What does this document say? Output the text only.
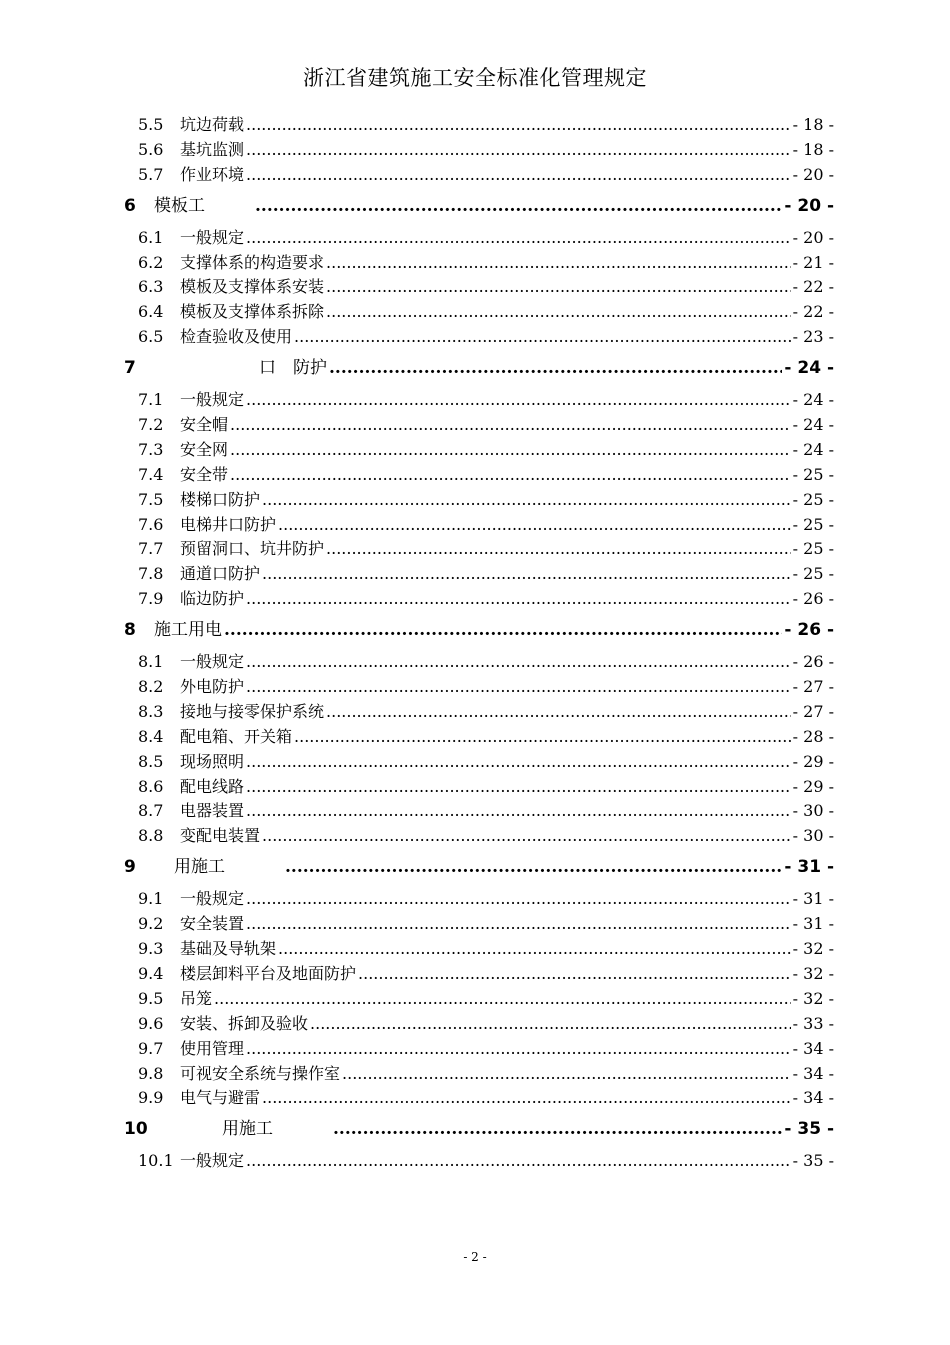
浙江省建筑施工安全标准化管理规定
5.5	坑边荷载 .....	- 18 -
5.6	基坑监测 .....	- 18 -
5.7	作业环境 .....	- 20 -
6	模板工 .....	- 20 -
6.1	一般规定 .....	- 20 -
6.2	支撑体系的构造要求 .....	- 21 -
6.3	模板及支撑体系安装 .....	- 22 -
6.4	模板及支撑体系拆除 .....	- 22 -
6.5	检查验收及使用 .....	- 23 -
7	口　防护 .....	- 24 -
7.1	一般规定 .....	- 24 -
7.2	安全帽 .....	- 24 -
7.3	安全网 .....	- 24 -
7.4	安全带 .....	- 25 -
7.5	楼梯口防护 .....	- 25 -
7.6	电梯井口防护 .....	- 25 -
7.7	预留洞口、坑井防护 .....	- 25 -
7.8	通道口防护 .....	- 25 -
7.9	临边防护 .....	- 26 -
8	施工用电 .....	- 26 -
8.1	一般规定 .....	- 26 -
8.2	外电防护 .....	- 27 -
8.3	接地与接零保护系统 .....	- 27 -
8.4	配电箱、开关箱 .....	- 28 -
8.5	现场照明 .....	- 29 -
8.6	配电线路 .....	- 29 -
8.7	电器装置 .....	- 30 -
8.8	变配电装置 .....	- 30 -
9	用施工 .....	- 31 -
9.1	一般规定 .....	- 31 -
9.2	安全装置 .....	- 31 -
9.3	基础及导轨架 .....	- 32 -
9.4	楼层卸料平台及地面防护 .....	- 32 -
9.5	吊笼 .....	- 32 -
9.6	安装、拆卸及验收 .....	- 33 -
9.7	使用管理 .....	- 34 -
9.8	可视安全系统与操作室 .....	- 34 -
9.9	电气与避雷 .....	- 34 -
10	用施工 .....	- 35 -
10.1 一般规定 .....	- 35 -
- 2 -
